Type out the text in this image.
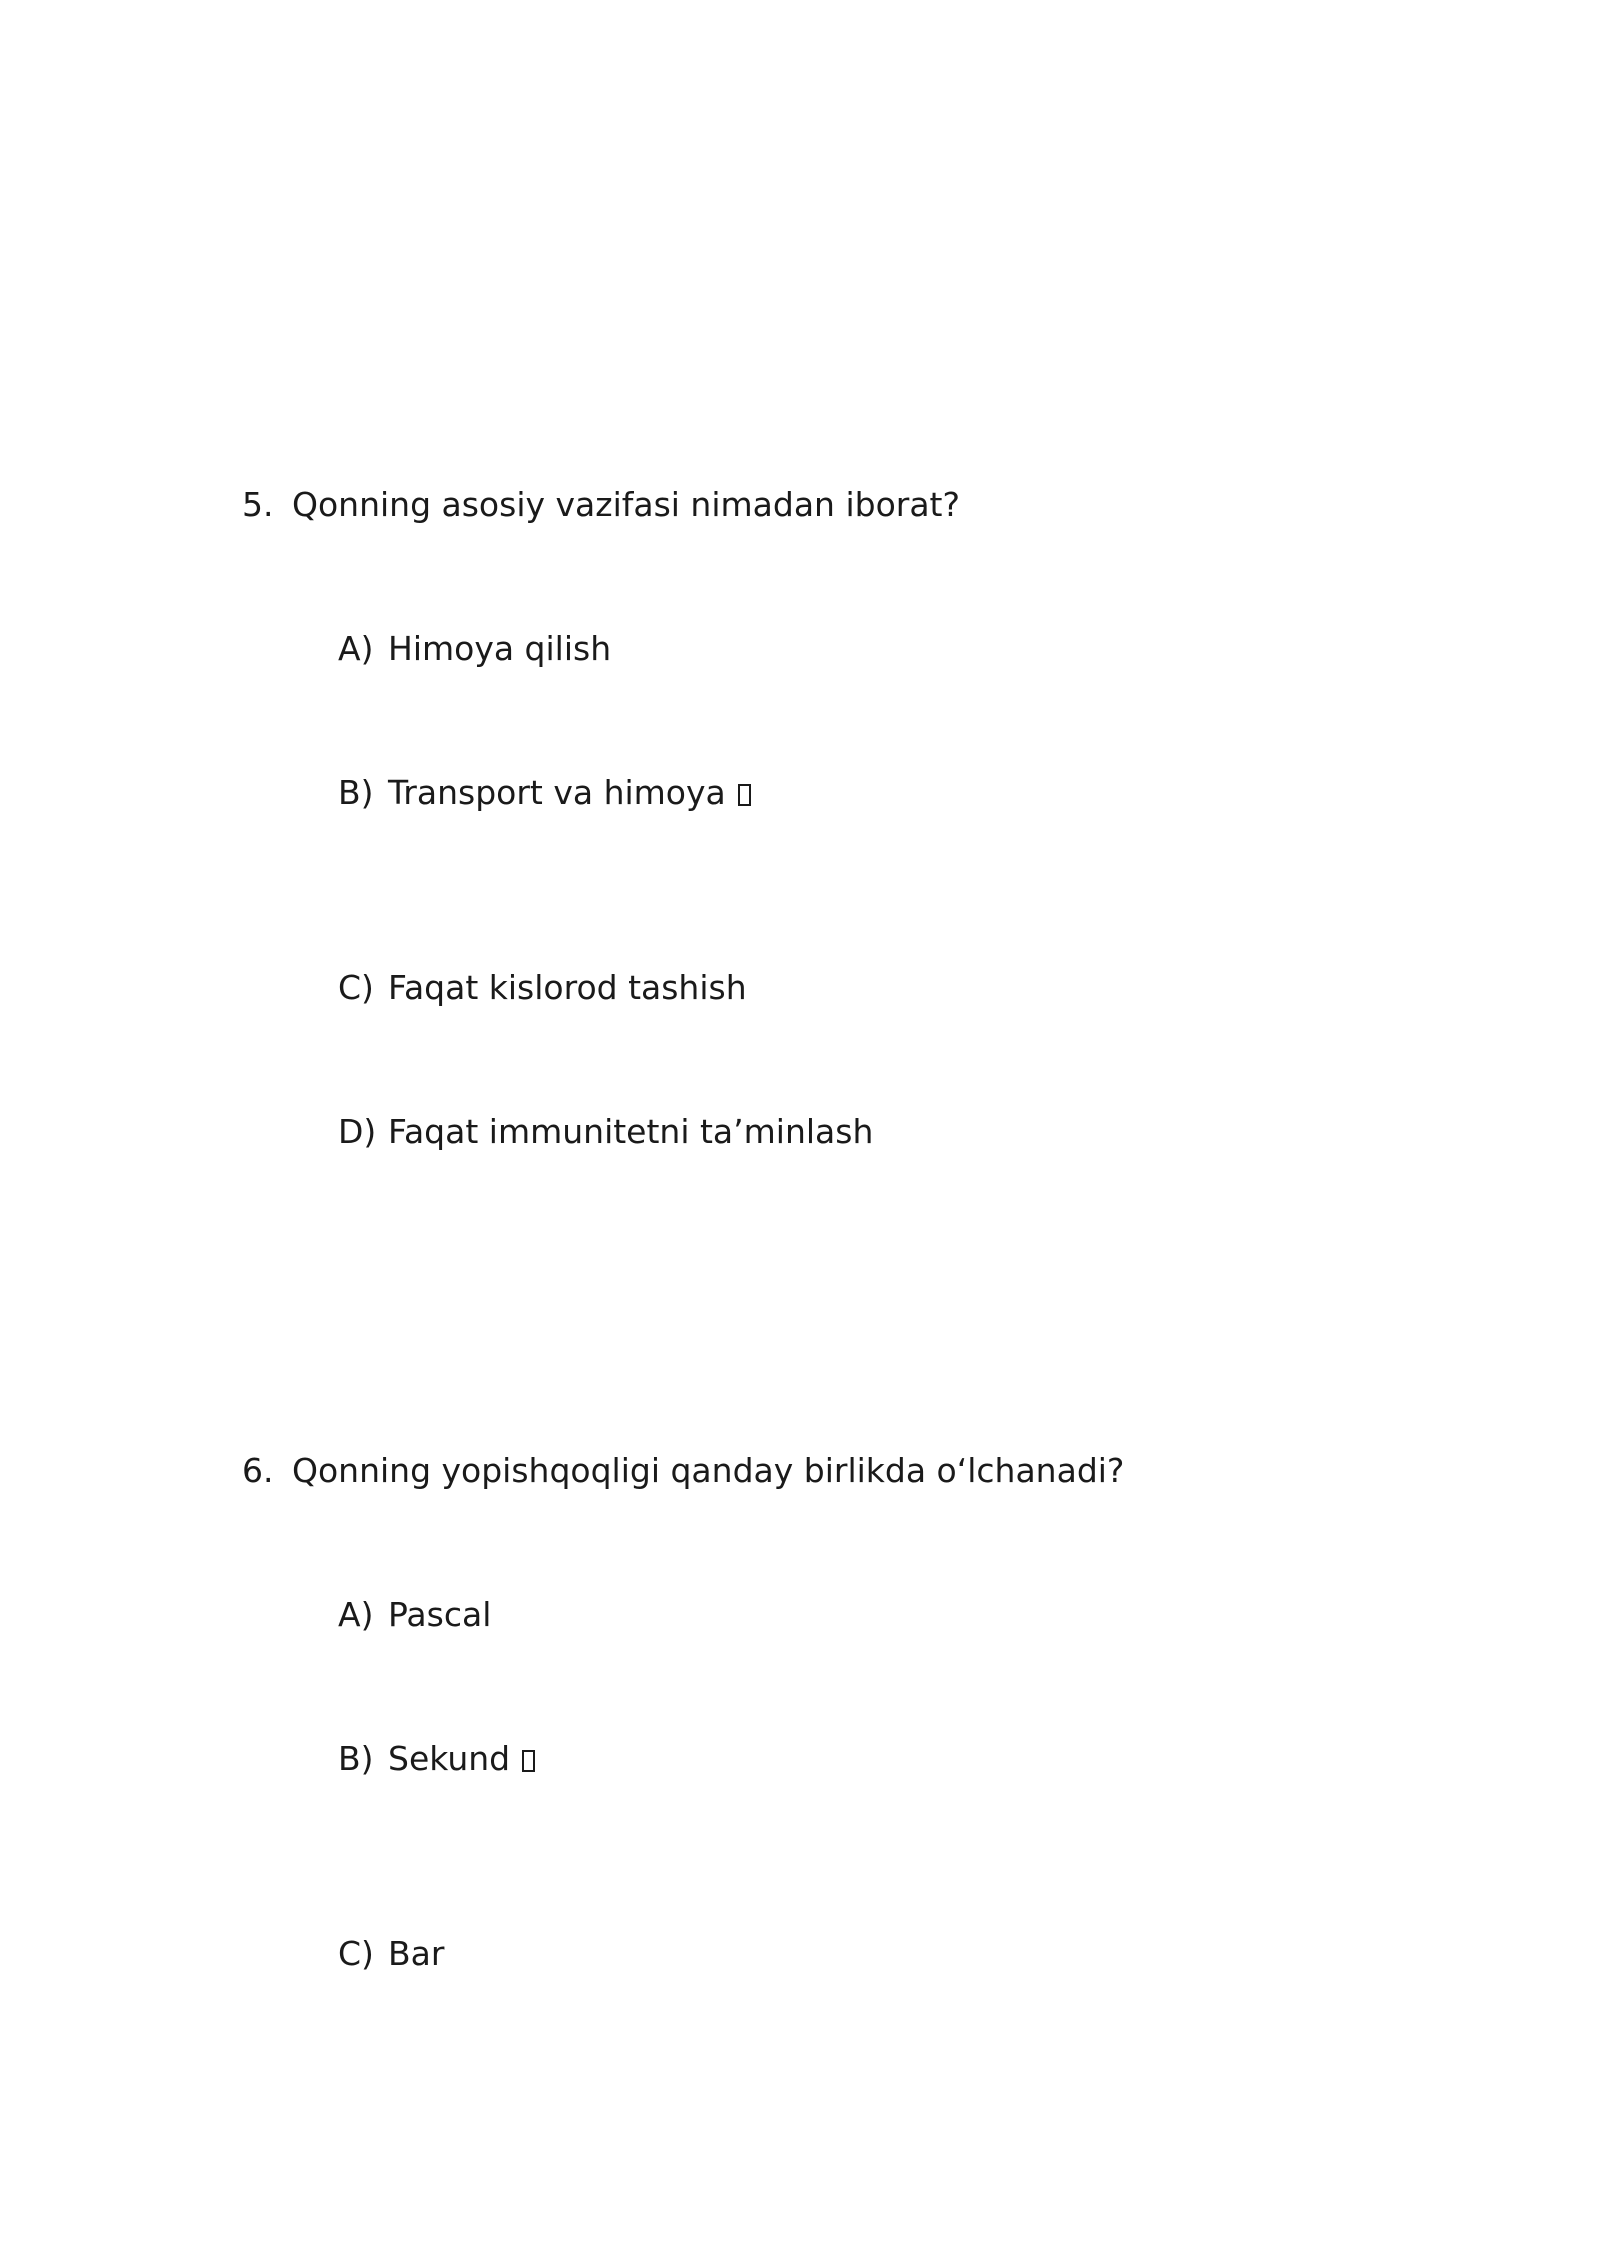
5. Qonning asosiy vazifasi nimadan iborat?
A) Himoya qilish
B) Transport va himoya
C) Faqat kislorod tashish
D) Faqat immunitetni ta’minlash
6. Qonning yopishqoqligi qanday birlikda o‘lchanadi?
A) Pascal
B) Sekund
C) Bar
